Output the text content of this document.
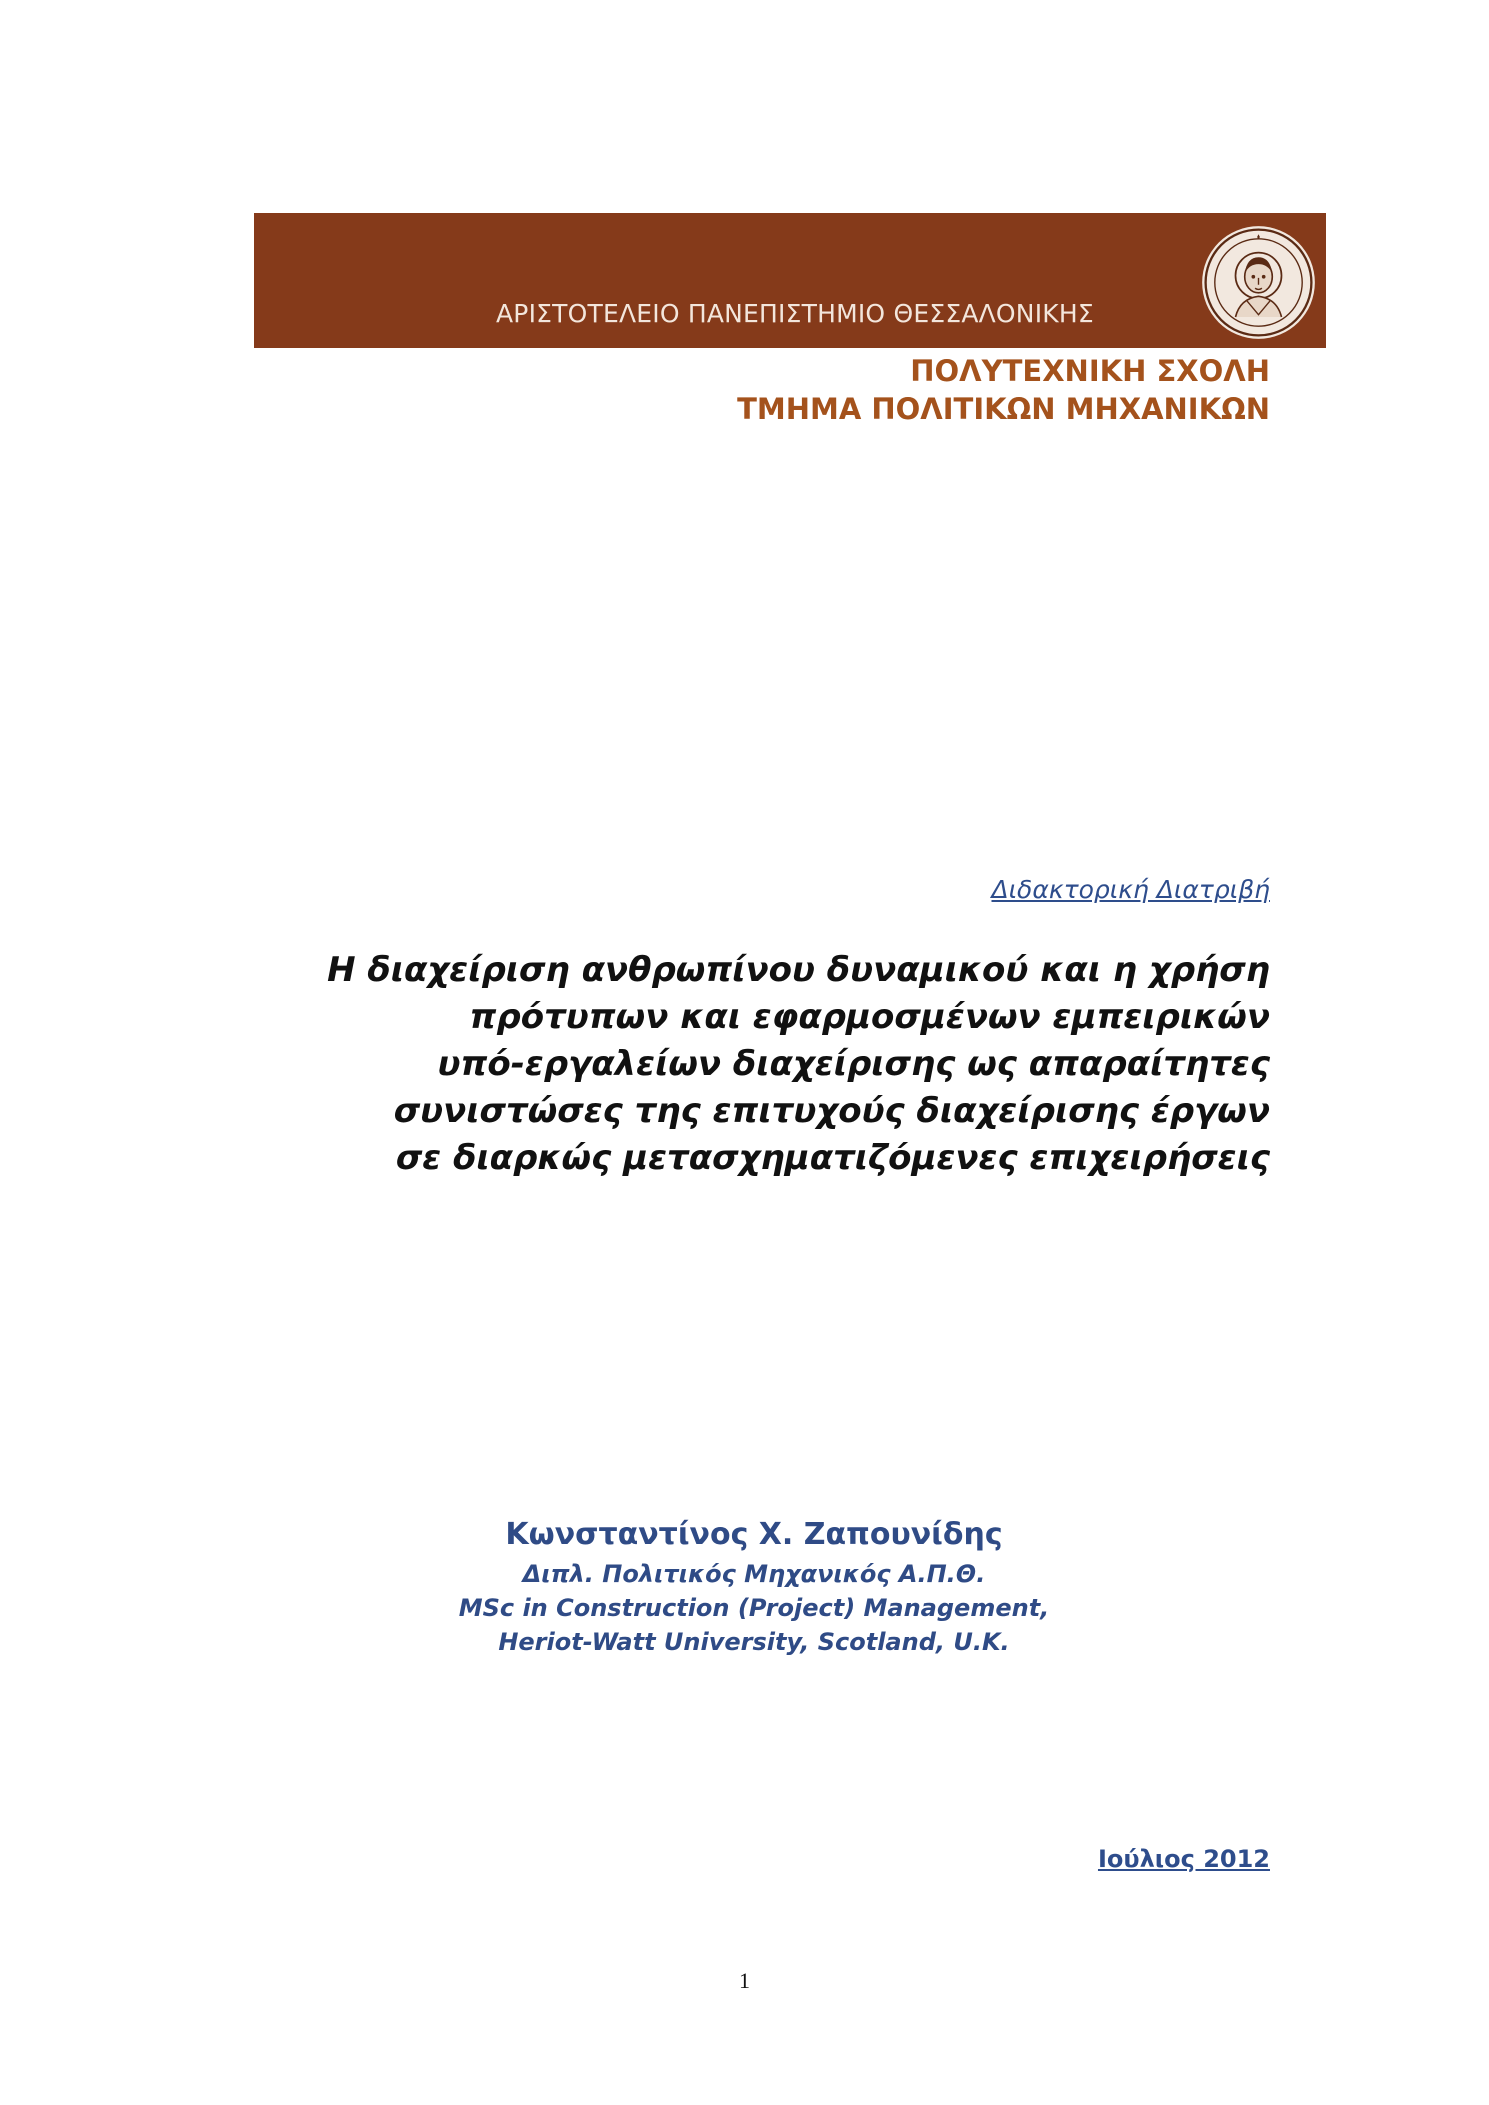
ΑΡΙΣΤΟΤΕΛΕΙΟ ΠΑΝΕΠΙΣΤΗΜΙΟ ΘΕΣΣΑΛΟΝΙΚΗΣ
ΠΟΛΥΤΕΧΝΙΚΗ ΣΧΟΛΗ
ΤΜΗΜΑ ΠΟΛΙΤΙΚΩΝ ΜΗΧΑΝΙΚΩΝ
Διδακτορική Διατριβή
Η διαχείριση ανθρωπίνου δυναμικού και η χρήση
πρότυπων και εφαρμοσμένων εμπειρικών
υπό-εργαλείων διαχείρισης ως απαραίτητες
συνιστώσες της επιτυχούς διαχείρισης έργων
σε διαρκώς μετασχηματιζόμενες επιχειρήσεις
Κωνσταντίνος Χ. Ζαπουνίδης
Διπλ. Πολιτικός Μηχανικός Α.Π.Θ.
MSc in Construction (Project) Management,
Heriot-Watt University, Scotland, U.K.
Ιούλιος 2012
1
